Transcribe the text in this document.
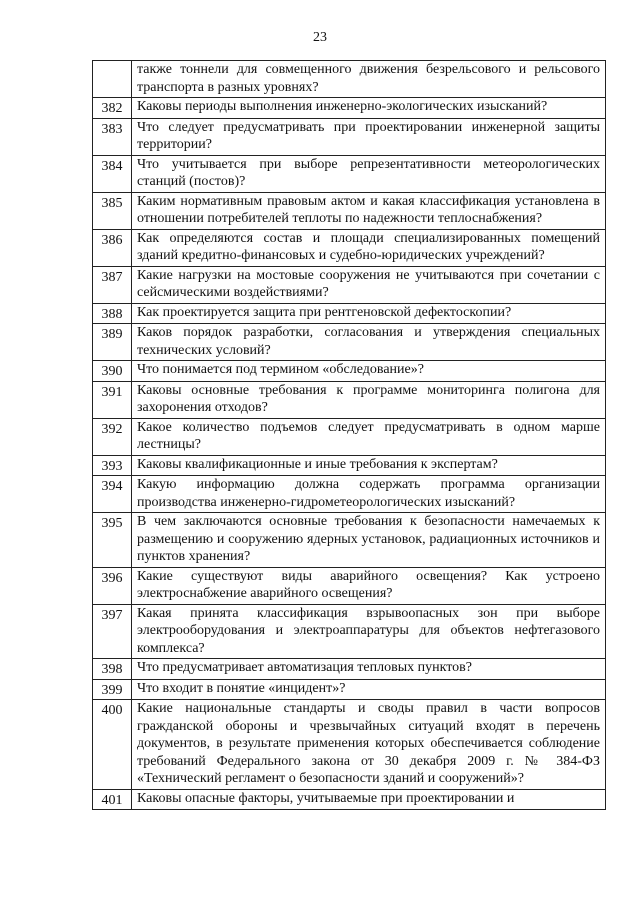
23
	также тоннели для совмещенного движения безрельсового и рельсового транспорта в разных уровнях?
382	Каковы периоды выполнения инженерно-экологических изысканий?
383	Что следует предусматривать при проектировании инженерной защиты территории?
384	Что учитывается при выборе репрезентативности метеорологических станций (постов)?
385	Каким нормативным правовым актом и какая классификация установлена в отношении потребителей теплоты по надежности теплоснабжения?
386	Как определяются состав и площади специализированных помещений зданий кредитно-финансовых и судебно-юридических учреждений?
387	Какие нагрузки на мостовые сооружения не учитываются при сочетании с сейсмическими воздействиями?
388	Как проектируется защита при рентгеновской дефектоскопии?
389	Каков порядок разработки, согласования и утверждения специальных технических условий?
390	Что понимается под термином «обследование»?
391	Каковы основные требования к программе мониторинга полигона для захоронения отходов?
392	Какое количество подъемов следует предусматривать в одном марше лестницы?
393	Каковы квалификационные и иные требования к экспертам?
394	Какую информацию должна содержать программа организации производства инженерно-гидрометеорологических изысканий?
395	В чем заключаются основные требования к безопасности намечаемых к размещению и сооружению ядерных установок, радиационных источников и пунктов хранения?
396	Какие существуют виды аварийного освещения? Как устроено электроснабжение аварийного освещения?
397	Какая принята классификация взрывоопасных зон при выборе электрооборудования и электроаппаратуры для объектов нефтегазового комплекса?
398	Что предусматривает автоматизация тепловых пунктов?
399	Что входит в понятие «инцидент»?
400	Какие национальные стандарты и своды правил в части вопросов гражданской обороны и чрезвычайных ситуаций входят в перечень документов, в результате применения которых обеспечивается соблюдение требований Федерального закона от 30 декабря 2009 г. № 384-ФЗ «Технический регламент о безопасности зданий и сооружений»?
401	Каковы опасные факторы, учитываемые при проектировании и
